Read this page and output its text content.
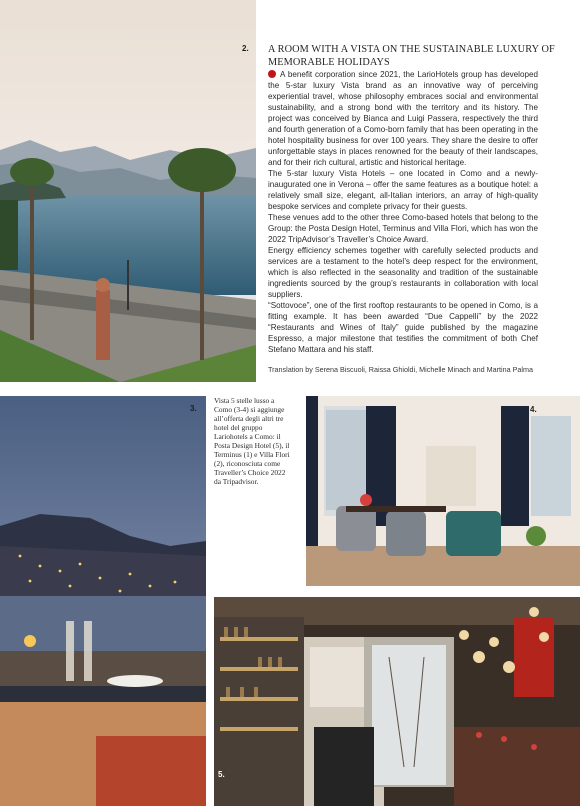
2. A ROOM WITH A VISTA ON THE SUSTAINABLE LUXURY OF MEMORABLE HOLIDAYS

A benefit corporation since 2021, the LarioHotels group has developed the 5-star luxury Vista brand as an innovative way of perceiving experiential travel, whose philosophy embraces social and environmental sustainability, and a strong bond with the territory and its history. The project was conceived by Bianca and Luigi Passera, respectively the third and fourth generation of a Como-born family that has been operating in the hotel hospitality business for over 100 years. They share the desire to offer unforgettable stays in places renowned for the beauty of their landscapes, and for their rich cultural, artistic and historical heritage.

The 5-star luxury Vista Hotels – one located in Como and a newly-inaugurated one in Verona – offer the same features as a boutique hotel: a relatively small size, elegant, all-Italian interiors, an array of high-quality bespoke services and complete privacy for their guests.

These venues add to the other three Como-based hotels that belong to the Group: the Posta Design Hotel, Terminus and Villa Flori, which has won the 2022 TripAdvisor’s Traveller’s Choice Award.

Energy efficiency schemes together with carefully selected products and services are a testament to the hotel’s deep respect for the environment, which is also reflected in the seasonality and tradition of the sustainable ingredients sourced by the group’s restaurants in collaboration with local suppliers.

“Sottovoce”, one of the first rooftop restaurants to be opened in Como, is a fitting example. It has been awarded “Due Cappelli” by the 2022 “Restaurants and Wines of Italy” guide published by the magazine Espresso, a major milestone that testifies the commitment of both Chef Stefano Mattara and his staff.

Translation by Serena Biscuoli, Raissa Ghioldi, Michelle Minach and Martina Palma
3.
Vista 5 stelle lusso a Como (3-4) si aggiunge all’offerta degli altri tre hotel del gruppo Lariohotels a Como: il Posta Design Hotel (5), il Terminus (1) e Villa Flori (2), riconosciuta come Traveller’s Choice 2022 da Tripadvisor.
4.
5.
